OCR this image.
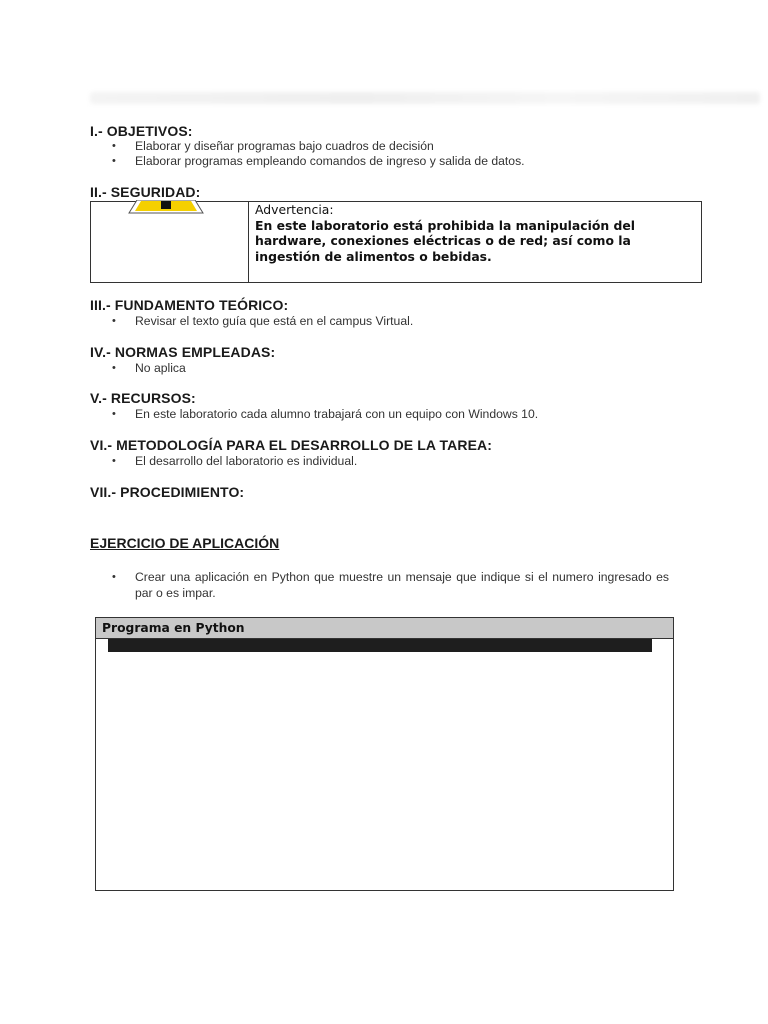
I.- OBJETIVOS:
• Elaborar y diseñar programas bajo cuadros de decisión
• Elaborar programas empleando comandos de ingreso y salida de datos.
II.- SEGURIDAD:
Advertencia:
En este laboratorio está prohibida la manipulación del hardware, conexiones eléctricas o de red; así como la ingestión de alimentos o bebidas.
III.- FUNDAMENTO TEÓRICO:
• Revisar el texto guía que está en el campus Virtual.
IV.- NORMAS EMPLEADAS:
• No aplica
V.- RECURSOS:
• En este laboratorio cada alumno trabajará con un equipo con Windows 10.
VI.- METODOLOGÍA PARA EL DESARROLLO DE LA TAREA:
• El desarrollo del laboratorio es individual.
VII.- PROCEDIMIENTO:
EJERCICIO DE APLICACIÓN
• Crear una aplicación en Python que muestre un mensaje que indique si el numero ingresado es par o es impar.
Programa en Python
